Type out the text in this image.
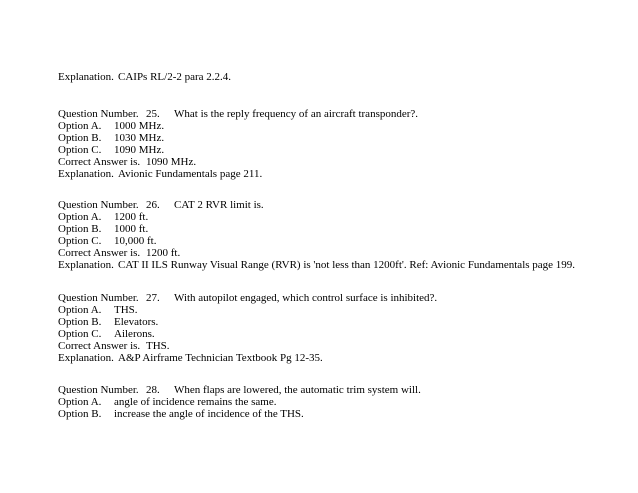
Explanation. CAIPs RL/2-2 para 2.2.4.
Question Number. 25. What is the reply frequency of an aircraft transponder?.
Option A. 1000 MHz.
Option B. 1030 MHz.
Option C. 1090 MHz.
Correct Answer is. 1090 MHz.
Explanation. Avionic Fundamentals page 211.
Question Number. 26. CAT 2 RVR limit is.
Option A. 1200 ft.
Option B. 1000 ft.
Option C. 10,000 ft.
Correct Answer is. 1200 ft.
Explanation. CAT II ILS Runway Visual Range (RVR) is 'not less than 1200ft'. Ref: Avionic Fundamentals page 199.
Question Number. 27. With autopilot engaged, which control surface is inhibited?.
Option A. THS.
Option B. Elevators.
Option C. Ailerons.
Correct Answer is. THS.
Explanation. A&P Airframe Technician Textbook Pg 12-35.
Question Number. 28. When flaps are lowered, the automatic trim system will.
Option A. angle of incidence remains the same.
Option B. increase the angle of incidence of the THS.
